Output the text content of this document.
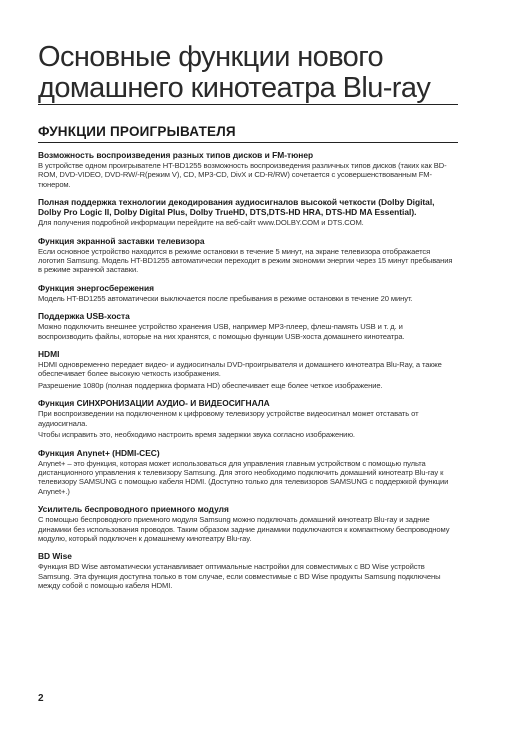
Основные функции нового
домашнего кинотеатра Blu-ray
ФУНКЦИИ ПРОИГРЫВАТЕЛЯ
Возможность воспроизведения разных типов дисков и FM-тюнер

В устройстве одном проигрывателе HT-BD1255 возможность воспроизведения различных типов дисков (таких как BD-ROM, DVD-VIDEO, DVD-RW/-R(режим V), CD, MP3-CD, DivX и CD-R/RW) сочетается с усовершенствованным FM-тюнером.

Полная поддержка технологии декодирования аудиосигналов высокой четкости (Dolby Digital, Dolby Pro Logic II, Dolby Digital Plus, Dolby TrueHD, DTS,DTS-HD HRA, DTS-HD MA Essential).

Для получения подробной информации перейдите на веб-сайт www.DOLBY.COM и DTS.COM.

Функция экранной заставки телевизора

Если основное устройство находится в режиме остановки в течение 5 минут, на экране телевизора отображается логотип Samsung. Модель HT-BD1255 автоматически переходит в режим экономии энергии через 15 минут пребывания в режиме экранной заставки.

Функция энергосбережения

Модель HT-BD1255 автоматически выключается после пребывания в режиме остановки в течение 20 минут.

Поддержка USB-хоста

Можно подключить внешнее устройство хранения USB, например MP3-плеер, флеш-память USB и т. д. и воспроизводить файлы, которые на них хранятся, с помощью функции USB-хоста домашнего кинотеатра.

HDMI

HDMI одновременно передает видео- и аудиосигналы DVD-проигрывателя и домашнего кинотеатра Blu-Ray, а также обеспечивает более высокую четкость изображения.

Разрешение 1080p (полная поддержка формата HD) обеспечивает еще более четкое изображение.

Функция СИНХРОНИЗАЦИИ АУДИО- И ВИДЕОСИГНАЛА

При воспроизведении на подключенном к цифровому телевизору устройстве видеосигнал может отставать от аудиосигнала.

Чтобы исправить это, необходимо настроить время задержки звука согласно изображению.

Функция Anynet+ (HDMI-CEC)

Anynet+ – это функция, которая может использоваться для управления главным устройством с помощью пульта дистанционного управления к телевизору Samsung. Для этого необходимо подключить домашний кинотеатр Blu-ray к телевизору SAMSUNG с помощью кабеля HDMI. (Доступно только для телевизоров SAMSUNG с поддержкой функции Anynet+.)

Усилитель беспроводного приемного модуля

С помощью беспроводного приемного модуля Samsung можно подключать домашний кинотеатр Blu-ray и задние динамики без использования проводов. Таким образом задние динамики подключаются к компактному беспроводному модулю, который подключен к домашнему кинотеатру Blu-ray.

BD Wise

Функция BD Wise автоматически устанавливает оптимальные настройки для совместимых с BD Wise устройств Samsung. Эта функция доступна только в том случае, если совместимые с BD Wise продукты Samsung подключены между собой с помощью кабеля HDMI.

2
